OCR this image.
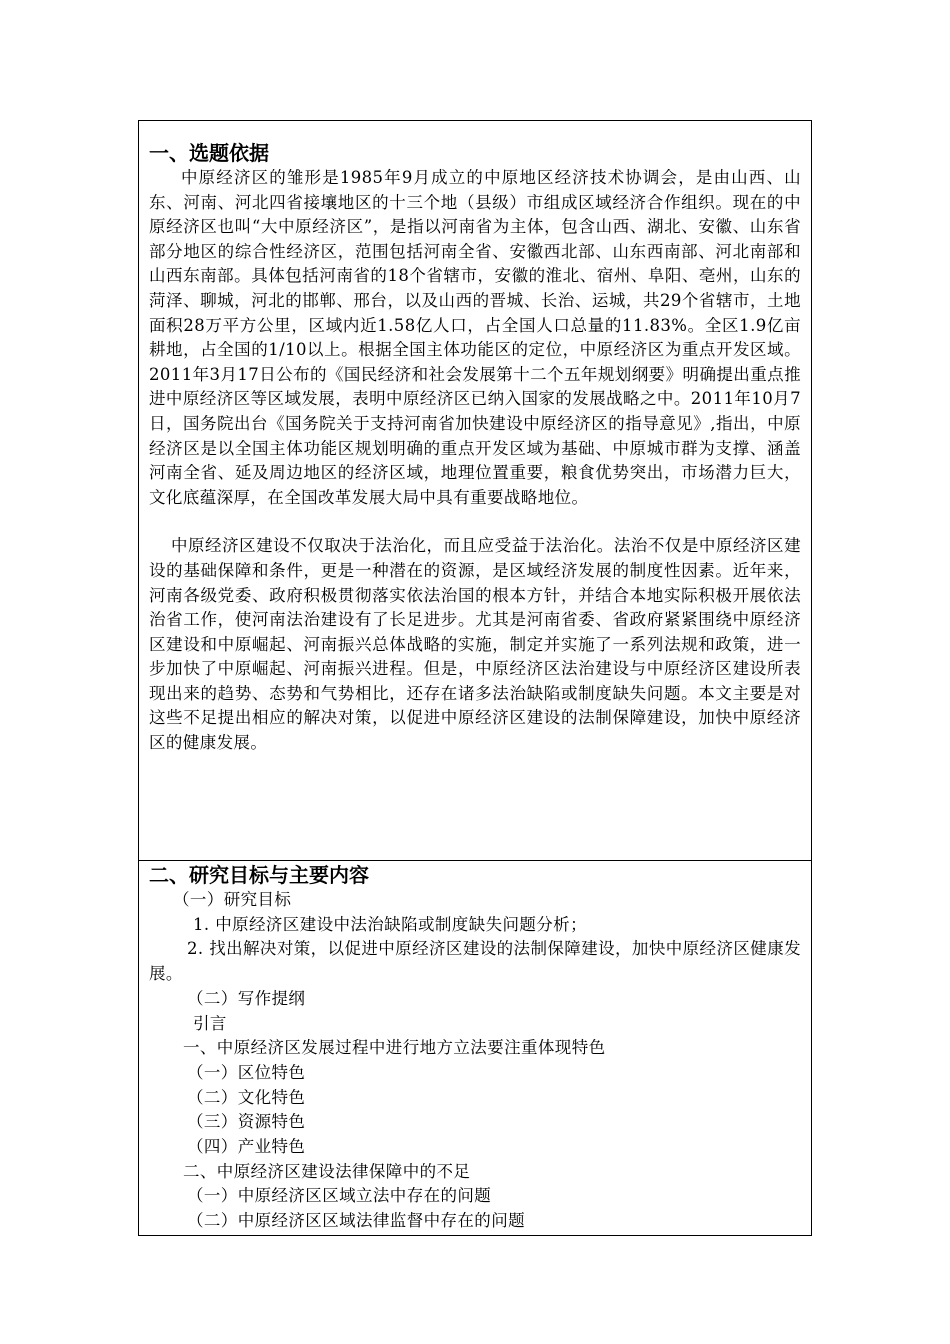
一、选题依据

中原经济区的雏形是1985年9月成立的中原地区经济技术协调会，是由山西、山东、河南、河北四省接壤地区的十三个地（县级）市组成区域经济合作组织。现在的中原经济区也叫“大中原经济区”，是指以河南省为主体，包含山西、湖北、安徽、山东省部分地区的综合性经济区，范围包括河南全省、安徽西北部、山东西南部、河北南部和山西东南部。具体包括河南省的18个省辖市，安徽的淮北、宿州、阜阳、亳州，山东的菏泽、聊城，河北的邯郸、邢台，以及山西的晋城、长治、运城，共29个省辖市，土地面积28万平方公里，区域内近1.58亿人口，占全国人口总量的11.83%。全区1.9亿亩耕地，占全国的1/10以上。根据全国主体功能区的定位，中原经济区为重点开发区域。2011年3月17日公布的《国民经济和社会发展第十二个五年规划纲要》明确提出重点推进中原经济区等区域发展，表明中原经济区已纳入国家的发展战略之中。2011年10月7日，国务院出台《国务院关于支持河南省加快建设中原经济区的指导意见》,指出，中原经济区是以全国主体功能区规划明确的重点开发区域为基础、中原城市群为支撑、涵盖河南全省、延及周边地区的经济区域，地理位置重要，粮食优势突出，市场潜力巨大，文化底蕴深厚，在全国改革发展大局中具有重要战略地位。

中原经济区建设不仅取决于法治化，而且应受益于法治化。法治不仅是中原经济区建设的基础保障和条件，更是一种潜在的资源，是区域经济发展的制度性因素。近年来，河南各级党委、政府积极贯彻落实依法治国的根本方针，并结合本地实际积极开展依法治省工作，使河南法治建设有了长足进步。尤其是河南省委、省政府紧紧围绕中原经济区建设和中原崛起、河南振兴总体战略的实施，制定并实施了一系列法规和政策，进一步加快了中原崛起、河南振兴进程。但是，中原经济区法治建设与中原经济区建设所表现出来的趋势、态势和气势相比，还存在诸多法治缺陷或制度缺失问题。本文主要是对这些不足提出相应的解决对策，以促进中原经济区建设的法制保障建设，加快中原经济区的健康发展。

二、研究目标与主要内容

（一）研究目标

1. 中原经济区建设中法治缺陷或制度缺失问题分析；

2. 找出解决对策，以促进中原经济区建设的法制保障建设，加快中原经济区健康发展。

（二）写作提纲

引言

一、中原经济区发展过程中进行地方立法要注重体现特色

（一）区位特色

（二）文化特色

（三）资源特色

（四）产业特色

二、中原经济区建设法律保障中的不足

（一）中原经济区区域立法中存在的问题

（二）中原经济区区域法律监督中存在的问题
